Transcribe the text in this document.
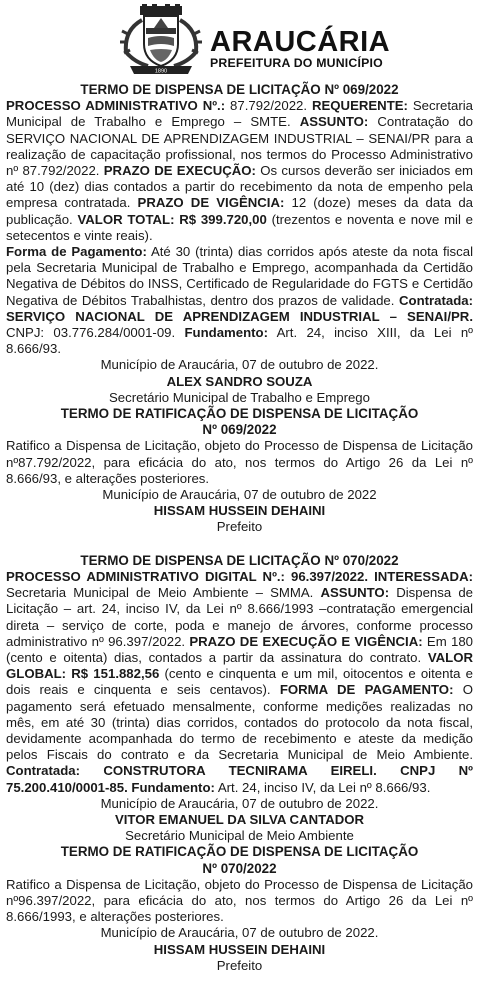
1890
ARAUCÁRIA
PREFEITURA DO MUNICÍPIO

TERMO DE DISPENSA DE LICITAÇÃO Nº 069/2022

PROCESSO ADMINISTRATIVO Nº.: 87.792/2022. REQUERENTE: Secretaria Municipal de Trabalho e Emprego – SMTE. ASSUNTO: Contratação do SERVIÇO NACIONAL DE APRENDIZAGEM INDUSTRIAL – SENAI/PR para a realização de capacitação profissional, nos termos do Processo Administrativo nº 87.792/2022. PRAZO DE EXECUÇÃO: Os cursos deverão ser iniciados em até 10 (dez) dias contados a partir do recebimento da nota de empenho pela empresa contratada. PRAZO DE VIGÊNCIA: 12 (doze) meses da data da publicação. VALOR TOTAL: R$ 399.720,00 (trezentos e noventa e nove mil e setecentos e vinte reais).

Forma de Pagamento: Até 30 (trinta) dias corridos após ateste da nota fiscal pela Secretaria Municipal de Trabalho e Emprego, acompanhada da Certidão Negativa de Débitos do INSS, Certificado de Regularidade do FGTS e Certidão Negativa de Débitos Trabalhistas, dentro dos prazos de validade. Contratada: SERVIÇO NACIONAL DE APRENDIZAGEM INDUSTRIAL – SENAI/PR. CNPJ: 03.776.284/0001-09. Fundamento: Art. 24, inciso XIII, da Lei nº 8.666/93.

Município de Araucária, 07 de outubro de 2022.

ALEX SANDRO SOUZA

Secretário Municipal de Trabalho e Emprego

TERMO DE RATIFICAÇÃO DE DISPENSA DE LICITAÇÃO

Nº 069/2022

Ratifico a Dispensa de Licitação, objeto do Processo de Dispensa de Licitação nº87.792/2022, para eficácia do ato, nos termos do Artigo 26 da Lei nº 8.666/93, e alterações posteriores.

Município de Araucária, 07 de outubro de 2022

HISSAM HUSSEIN DEHAINI

Prefeito

TERMO DE DISPENSA DE LICITAÇÃO Nº 070/2022

PROCESSO ADMINISTRATIVO DIGITAL Nº.: 96.397/2022. INTERESSADA: Secretaria Municipal de Meio Ambiente – SMMA. ASSUNTO: Dispensa de Licitação – art. 24, inciso IV, da Lei nº 8.666/1993 –contratação emergencial direta – serviço de corte, poda e manejo de árvores, conforme processo administrativo nº 96.397/2022. PRAZO DE EXECUÇÃO E VIGÊNCIA: Em 180 (cento e oitenta) dias, contados a partir da assinatura do contrato. VALOR GLOBAL: R$ 151.882,56 (cento e cinquenta e um mil, oitocentos e oitenta e dois reais e cinquenta e seis centavos). FORMA DE PAGAMENTO: O pagamento será efetuado mensalmente, conforme medições realizadas no mês, em até 30 (trinta) dias corridos, contados do protocolo da nota fiscal, devidamente acompanhada do termo de recebimento e ateste da medição pelos Fiscais do contrato e da Secretaria Municipal de Meio Ambiente. Contratada: CONSTRUTORA TECNIRAMA EIRELI. CNPJ Nº 75.200.410/0001-85. Fundamento: Art. 24, inciso IV, da Lei nº 8.666/93.

Município de Araucária, 07 de outubro de 2022.

VITOR EMANUEL DA SILVA CANTADOR

Secretário Municipal de Meio Ambiente

TERMO DE RATIFICAÇÃO DE DISPENSA DE LICITAÇÃO

Nº 070/2022

Ratifico a Dispensa de Licitação, objeto do Processo de Dispensa de Licitação nº96.397/2022, para eficácia do ato, nos termos do Artigo 26 da Lei nº 8.666/1993, e alterações posteriores.

Município de Araucária, 07 de outubro de 2022.

HISSAM HUSSEIN DEHAINI

Prefeito
